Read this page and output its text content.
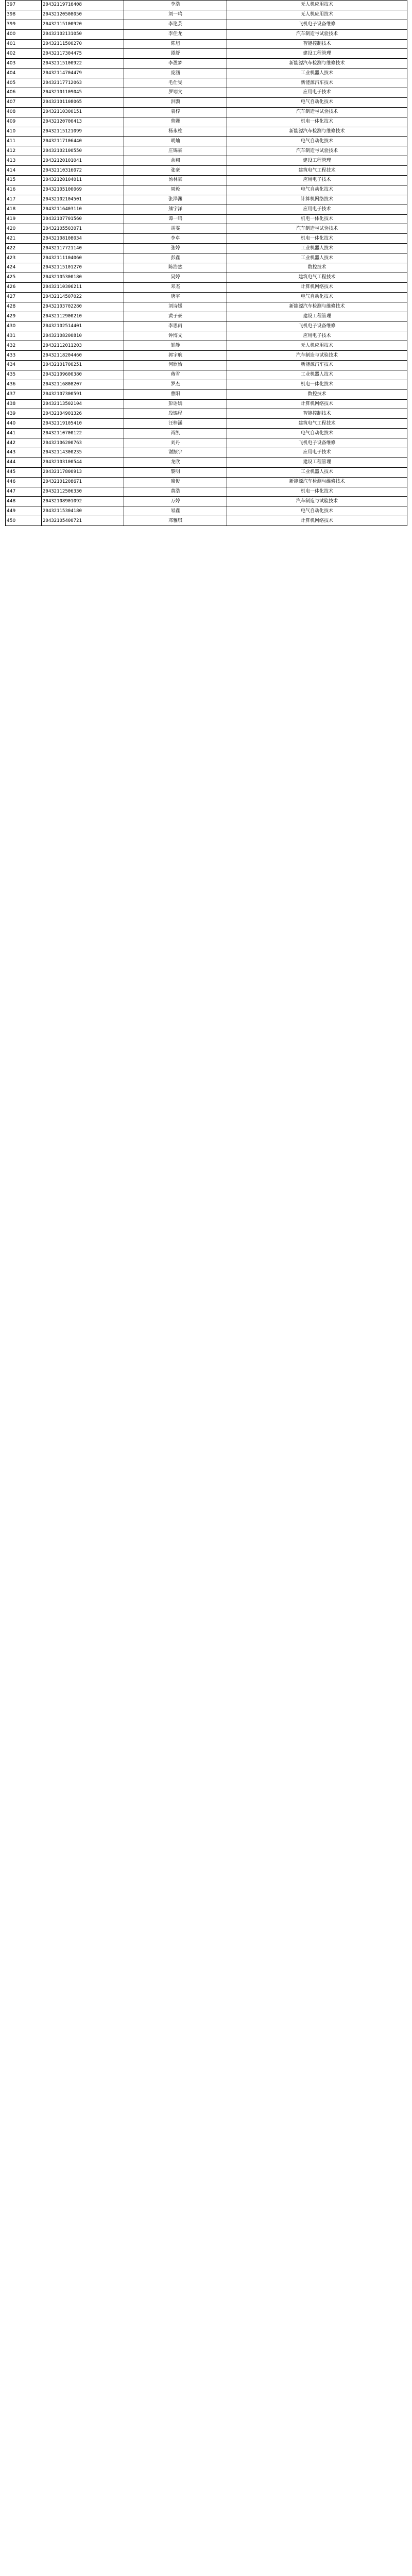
397	20432119716408	李浩	无人机应用技术
398	20432120508050	刘一鸣	无人机应用技术
399	20432115100920	李艳芸	飞机电子设备维修
400	20432102131050	李佳龙	汽车制造与试验技术
401	20432111500270	陈旭	智能控制技术
402	20432117304475	谭舒	建设工程管理
403	20432115100922	李盈梦	新能源汽车检测与维修技术
404	20432114704479	庞涵	工业机器人技术
405	20432117712063	毛仕旻	新能源汽车技术
406	20432101109045	罗翊文	应用电子技术
407	20432101108065	洪颢	电气自动化技术
408	20432110300151	袁梓	汽车制造与试验技术
409	20432120700413	曾姗	机电一体化技术
410	20432115121099	杨永柱	新能源汽车检测与维修技术
411	20432117106440	胡灿	电气自动化技术
412	20432102100550	庄锦豪	汽车制造与试验技术
413	20432120101041	余翔	建设工程管理
414	20432110316072	张豪	建筑电气工程技术
415	20432120104011	汤林豪	应用电子技术
416	20432105100069	周毅	电气自动化技术
417	20432102104501	张泽渊	计算机网络技术
418	20432116403110	熊宇洋	应用电子技术
419	20432107701560	谭一鸣	机电一体化技术
420	20432105503071	胡雯	汽车制造与试验技术
421	20432108108034	李卓	机电一体化技术
422	20432117721140	张婷	工业机器人技术
423	20432111104060	彭鑫	工业机器人技术
424	20432115101270	陈浩然	数控技术
425	20432105300180	吴婷	建筑电气工程技术
426	20432110306211	邓杰	计算机网络技术
427	20432114507022	唐宇	电气自动化技术
428	20432103702280	刘诗媛	新能源汽车检测与维修技术
429	20432112900210	黄子豪	建设工程管理
430	20432102514401	李思雨	飞机电子设备维修
431	20432108200810	钟博文	应用电子技术
432	20432112011203	邹静	无人机应用技术
433	20432118204460	郭宇航	汽车制造与试验技术
434	20432101700251	何欣怡	新能源汽车技术
435	20432109600380	蒋雪	工业机器人技术
436	20432116808207	罗杰	机电一体化技术
437	20432107300591	曹阳	数控技术
438	20432113502104	彭语嫣	计算机网络技术
439	20432104901326	段锦程	智能控制技术
440	20432119105410	汪梓涵	建筑电气工程技术
441	20432110700122	肖凯	电气自动化技术
442	20432106200763	刘丹	飞机电子设备维修
443	20432114300235	谢振宇	应用电子技术
444	20432103100544	龙欣	建设工程管理
445	20432117800913	黎明	工业机器人技术
446	20432101208671	廖俊	新能源汽车检测与维修技术
447	20432112506330	黄浩	机电一体化技术
448	20432108901092	万婷	汽车制造与试验技术
449	20432115304180	易鑫	电气自动化技术
450	20432105400721	邓雅琪	计算机网络技术
